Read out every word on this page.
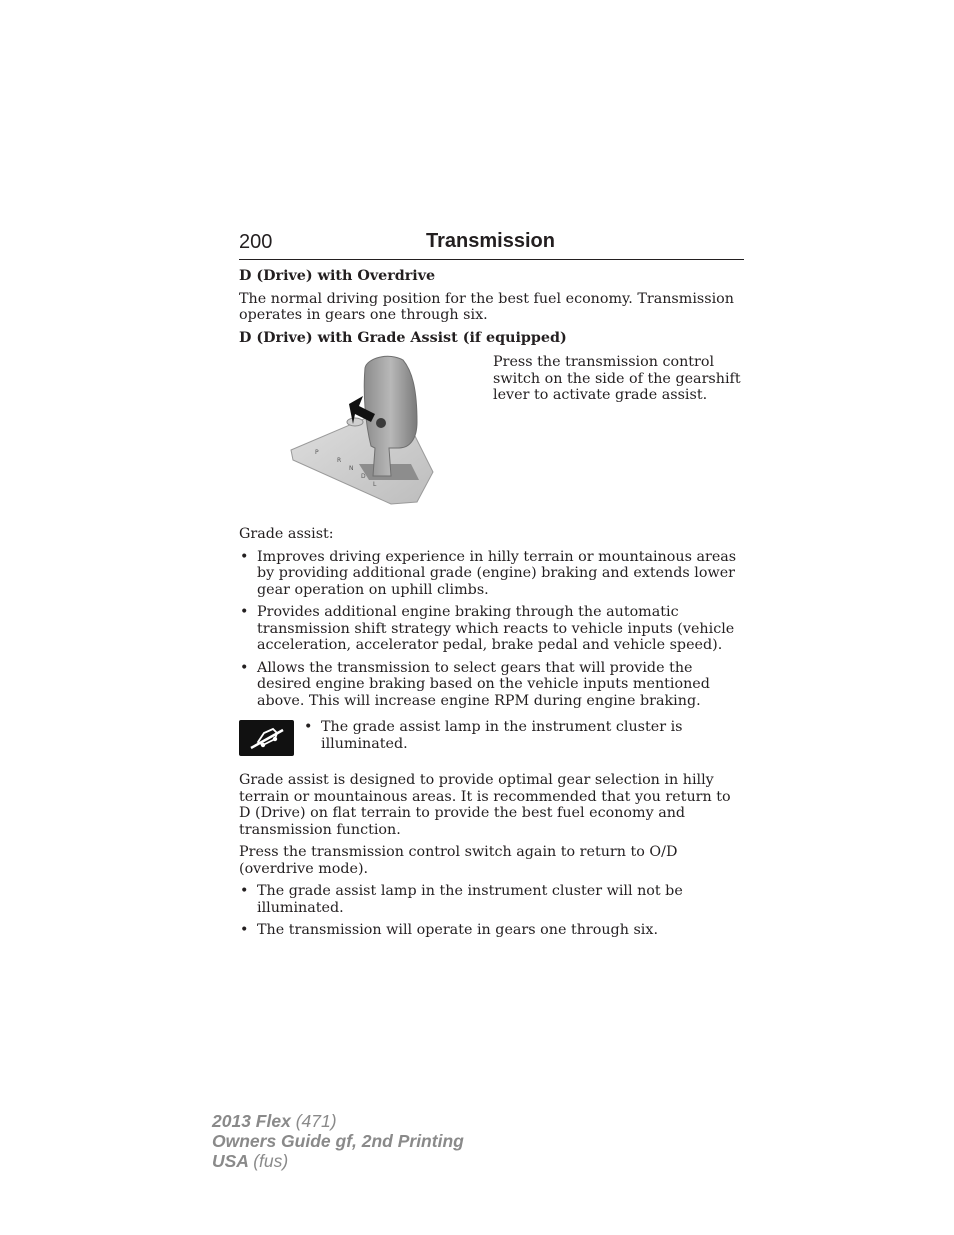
200	Transmission
D (Drive) with Overdrive

The normal driving position for the best fuel economy. Transmission operates in gears one through six.

D (Drive) with Grade Assist (if equipped)
P
R
N
D
L
Press the transmission control switch on the side of the gearshift lever to activate grade assist.

Grade assist:

• Improves driving experience in hilly terrain or mountainous areas by providing additional grade (engine) braking and extends lower gear operation on uphill climbs.
• Provides additional engine braking through the automatic transmission shift strategy which reacts to vehicle inputs (vehicle acceleration, accelerator pedal, brake pedal and vehicle speed).
• Allows the transmission to select gears that will provide the desired engine braking based on the vehicle inputs mentioned above. This will increase engine RPM during engine braking.
• The grade assist lamp in the instrument cluster is illuminated.

Grade assist is designed to provide optimal gear selection in hilly terrain or mountainous areas. It is recommended that you return to D (Drive) on flat terrain to provide the best fuel economy and transmission function.

Press the transmission control switch again to return to O/D (overdrive mode).

• The grade assist lamp in the instrument cluster will not be illuminated.
• The transmission will operate in gears one through six.
2013 Flex (471)
Owners Guide gf, 2nd Printing
USA (fus)
